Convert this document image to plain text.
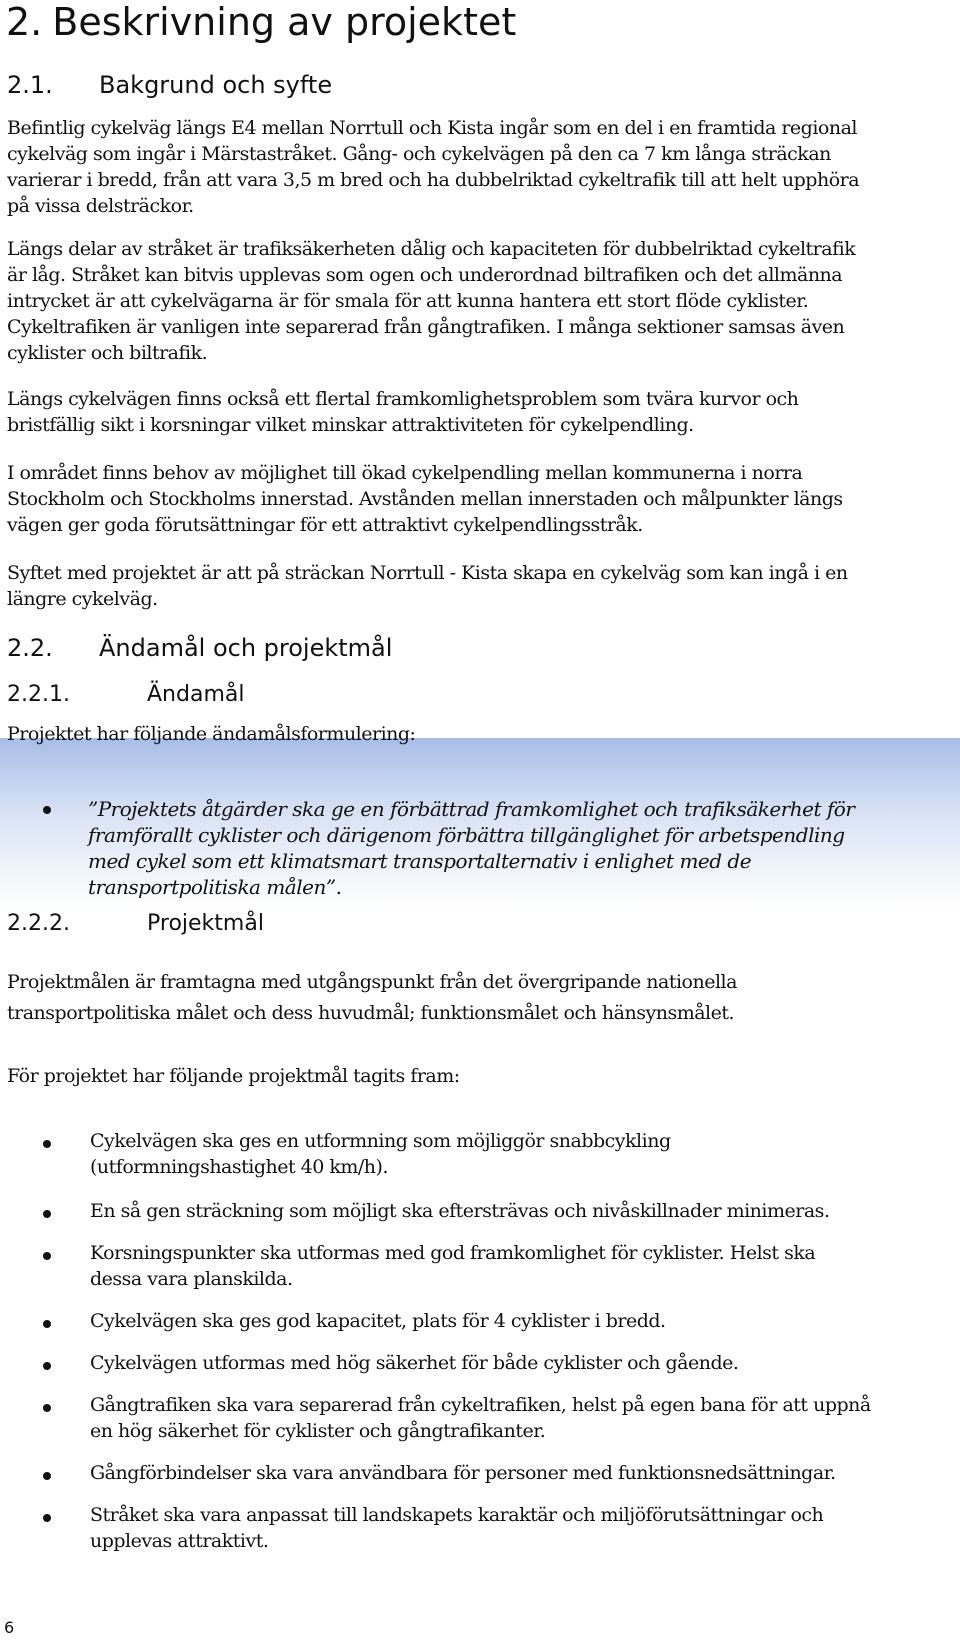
2. Beskrivning av projektet
2.1. Bakgrund och syfte

Befintlig cykelväg längs E4 mellan Norrtull och Kista ingår som en del i en framtida regional
cykelväg som ingår i Märstastråket. Gång- och cykelvägen på den ca 7 km långa sträckan
varierar i bredd, från att vara 3,5 m bred och ha dubbelriktad cykeltrafik till att helt upphöra
på vissa delsträckor.

Längs delar av stråket är trafiksäkerheten dålig och kapaciteten för dubbelriktad cykeltrafik
är låg. Stråket kan bitvis upplevas som ogen och underordnad biltrafiken och det allmänna
intrycket är att cykelvägarna är för smala för att kunna hantera ett stort flöde cyklister.
Cykeltrafiken är vanligen inte separerad från gångtrafiken. I många sektioner samsas även
cyklister och biltrafik.

Längs cykelvägen finns också ett flertal framkomlighetsproblem som tvära kurvor och
bristfällig sikt i korsningar vilket minskar attraktiviteten för cykelpendling.

I området finns behov av möjlighet till ökad cykelpendling mellan kommunerna i norra
Stockholm och Stockholms innerstad. Avstånden mellan innerstaden och målpunkter längs
vägen ger goda förutsättningar för ett attraktivt cykelpendlingsstråk.

Syftet med projektet är att på sträckan Norrtull - Kista skapa en cykelväg som kan ingå i en
längre cykelväg.

2.2. Ändamål och projektmål
2.2.1.	Ändamål

Projektet har följande ändamålsformulering:

”Projektets åtgärder ska ge en förbättrad framkomlighet och trafiksäkerhet för
framförallt cyklister och därigenom förbättra tillgänglighet för arbetspendling
med cykel som ett klimatsmart transportalternativ i enlighet med de
transportpolitiska målen”.
2.2.2.	Projektmål

Projektmålen är framtagna med utgångspunkt från det övergripande nationella
transportpolitiska målet och dess huvudmål; funktionsmålet och hänsynsmålet.

För projektet har följande projektmål tagits fram:

Cykelvägen ska ges en utformning som möjliggör snabbcykling
(utformningshastighet 40 km/h).
En så gen sträckning som möjligt ska eftersträvas och nivåskillnader minimeras.
Korsningspunkter ska utformas med god framkomlighet för cyklister. Helst ska
dessa vara planskilda.
Cykelvägen ska ges god kapacitet, plats för 4 cyklister i bredd.
Cykelvägen utformas med hög säkerhet för både cyklister och gående.
Gångtrafiken ska vara separerad från cykeltrafiken, helst på egen bana för att uppnå
en hög säkerhet för cyklister och gångtrafikanter.
Gångförbindelser ska vara användbara för personer med funktionsnedsättningar.
Stråket ska vara anpassat till landskapets karaktär och miljöförutsättningar och
upplevas attraktivt.
6
